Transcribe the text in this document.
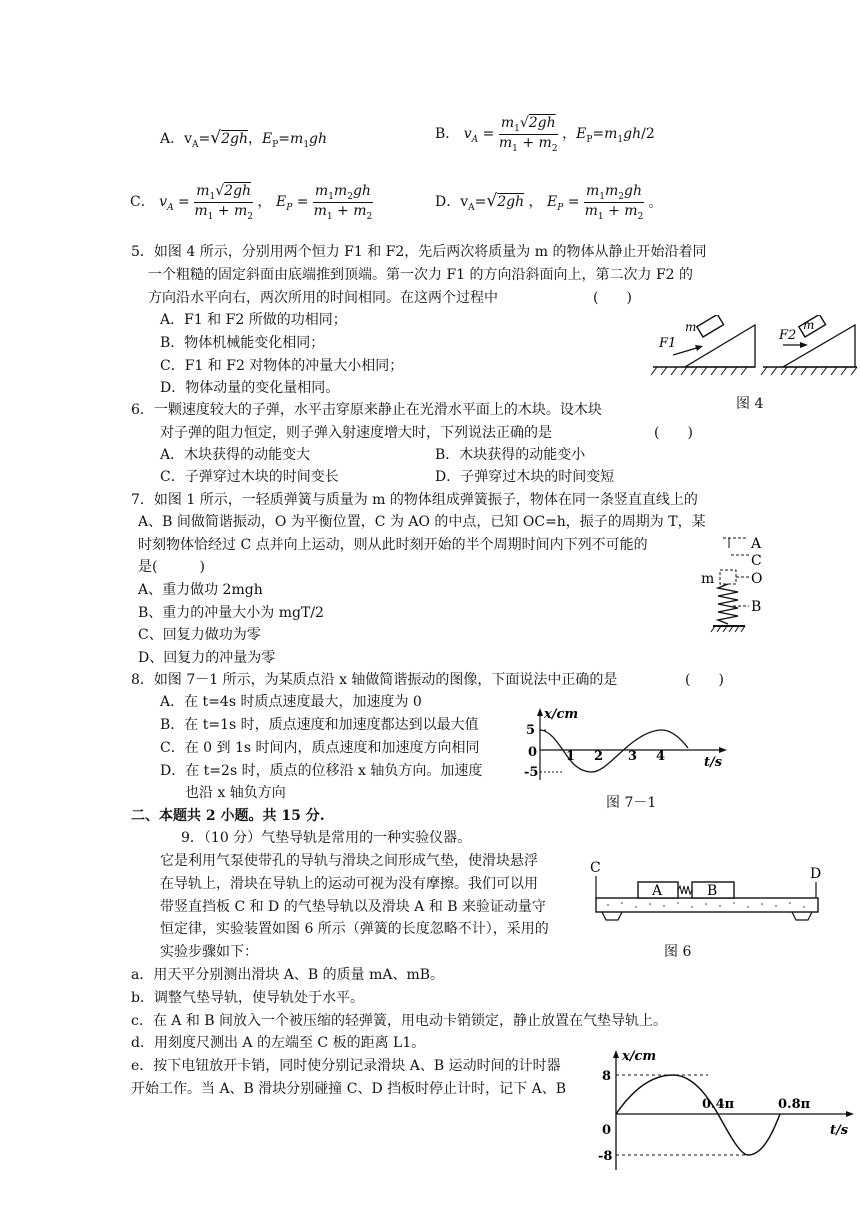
A．$v_A=√2gh$，$E_P=m_1gh$	B． $v_A$ =	
$m_1√2gh$
$m_1 + m_2$
	，$E_P=m_1gh/2$
C． $v_A$ =	
$m_1√2gh$
$m_1 + m_2$
	， $E_P$ =	
$m_1m_2gh$
$m_1 + m_2$
D．$v_A=√2gh$ ， $E_P$ =	
$m_1m_2gh$
$m_1 + m_2$
	。
5．如图 4 所示，分别用两个恒力 F1 和 F2，先后两次将质量为 m 的物体从静止开始沿着同
一个粗糙的固定斜面由底端推到顶端。第一次力 F1 的方向沿斜面向上，第二次力 F2 的
方向沿水平向右，两次所用的时间相同。在这两个过程中	(　　)
A．F1 和 F2 所做的功相同；
B．物体机械能变化相同；
C．F1 和 F2 对物体的冲量大小相同；
D．物体动量的变化量相同。
m
F1
m
F2
图 4
6．一颗速度较大的子弹，水平击穿原来静止在光滑水平面上的木块。设木块
对子弹的阻力恒定，则子弹入射速度增大时，下列说法正确的是	(　　)
A．木块获得的动能变大	B．木块获得的动能变小
C．子弹穿过木块的时间变长	D．子弹穿过木块的时间变短
7．如图 1 所示，一轻质弹簧与质量为 m 的物体组成弹簧振子，物体在同一条竖直直线上的
A、B 间做简谐振动，O 为平衡位置，C 为 AO 的中点，已知 OC=h，振子的周期为 T，某
时刻物体恰经过 C 点并向上运动，则从此时刻开始的半个周期时间内下列不可能的
是(　　　)
A、重力做功 2mgh
B、重力的冲量大小为 mgT/2
C、回复力做功为零
D、回复力的冲量为零
A
C
O
B
m
8．如图 7－1 所示，为某质点沿 x 轴做简谐振动的图像，下面说法中正确的是	(　　)
A．在 t=4s 时质点速度最大，加速度为 0
B．在 t=1s 时，质点速度和加速度都达到以最大值
C．在 0 到 1s 时间内，质点速度和加速度方向相同
D．在 t=2s 时，质点的位移沿 x 轴负方向。加速度
也沿 x 轴负方向
x/cm
t/s
5
0
-5
1 2 3 4
图 7－1
二、本题共 2 小题。共 15 分.
9．（10 分）气垫导轨是常用的一种实验仪器。
它是利用气泵使带孔的导轨与滑块之间形成气垫，使滑块悬浮
在导轨上，滑块在导轨上的运动可视为没有摩擦。我们可以用
带竖直挡板 C 和 D 的气垫导轨以及滑块 A 和 B 来验证动量守
恒定律，实验装置如图 6 所示（弹簧的长度忽略不计），采用的
实验步骤如下：
C	D
A	B
图 6
a．用天平分别测出滑块 A、B 的质量 mA、mB。
b．调整气垫导轨，使导轨处于水平。
c．在 A 和 B 间放入一个被压缩的轻弹簧，用电动卡销锁定，静止放置在气垫导轨上。
d．用刻度尺测出 A 的左端至 C 板的距离 L1。
e．按下电钮放开卡销，同时使分别记录滑块 A、B 运动时间的计时器
开始工作。当 A、B 滑块分别碰撞 C、D 挡板时停止计时，记下 A、B
x/cm
t/s
8
0
-8
0.4π	0.8π
